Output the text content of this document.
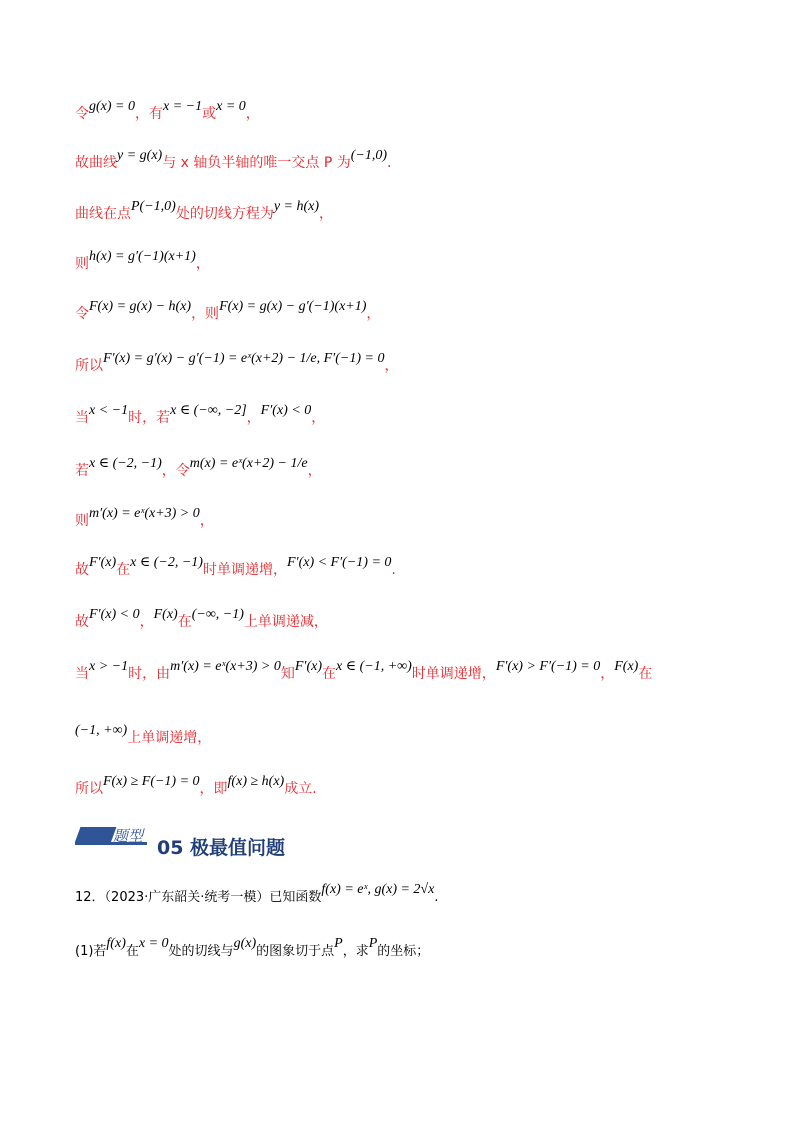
令g(x) = 0，有x = −1或x = 0，
故曲线y = g(x)与 x 轴负半轴的唯一交点 P 为(−1,0).
曲线在点P(−1,0)处的切线方程为y = h(x)，
则h(x) = g′(−1)(x+1)，
令F(x) = g(x) − h(x)，则F(x) = g(x) − g′(−1)(x+1)，
所以F′(x) = g′(x) − g′(−1) = eˣ(x+2) − 1/e, F′(−1) = 0，
当x < −1时，若x ∈ (−∞, −2]，F′(x) < 0，
若x ∈ (−2, −1)，令m(x) = eˣ(x+2) − 1/e，
则m′(x) = eˣ(x+3) > 0，
故F′(x)在x ∈ (−2, −1)时单调递增，F′(x) < F′(−1) = 0.
故F′(x) < 0，F(x)在(−∞, −1)上单调递减，
当x > −1时，由m′(x) = eˣ(x+3) > 0知F′(x)在x ∈ (−1, +∞)时单调递增，F′(x) > F′(−1) = 0，F(x)在
(−1, +∞)上单调递增，
所以F(x) ≥ F(−1) = 0，即f(x) ≥ h(x)成立.
题型
05 极最值问题
12．（2023·广东韶关·统考一模）已知函数f(x) = eˣ, g(x) = 2√x.
(1)若f(x)在x = 0处的切线与g(x)的图象切于点P，求P的坐标；
